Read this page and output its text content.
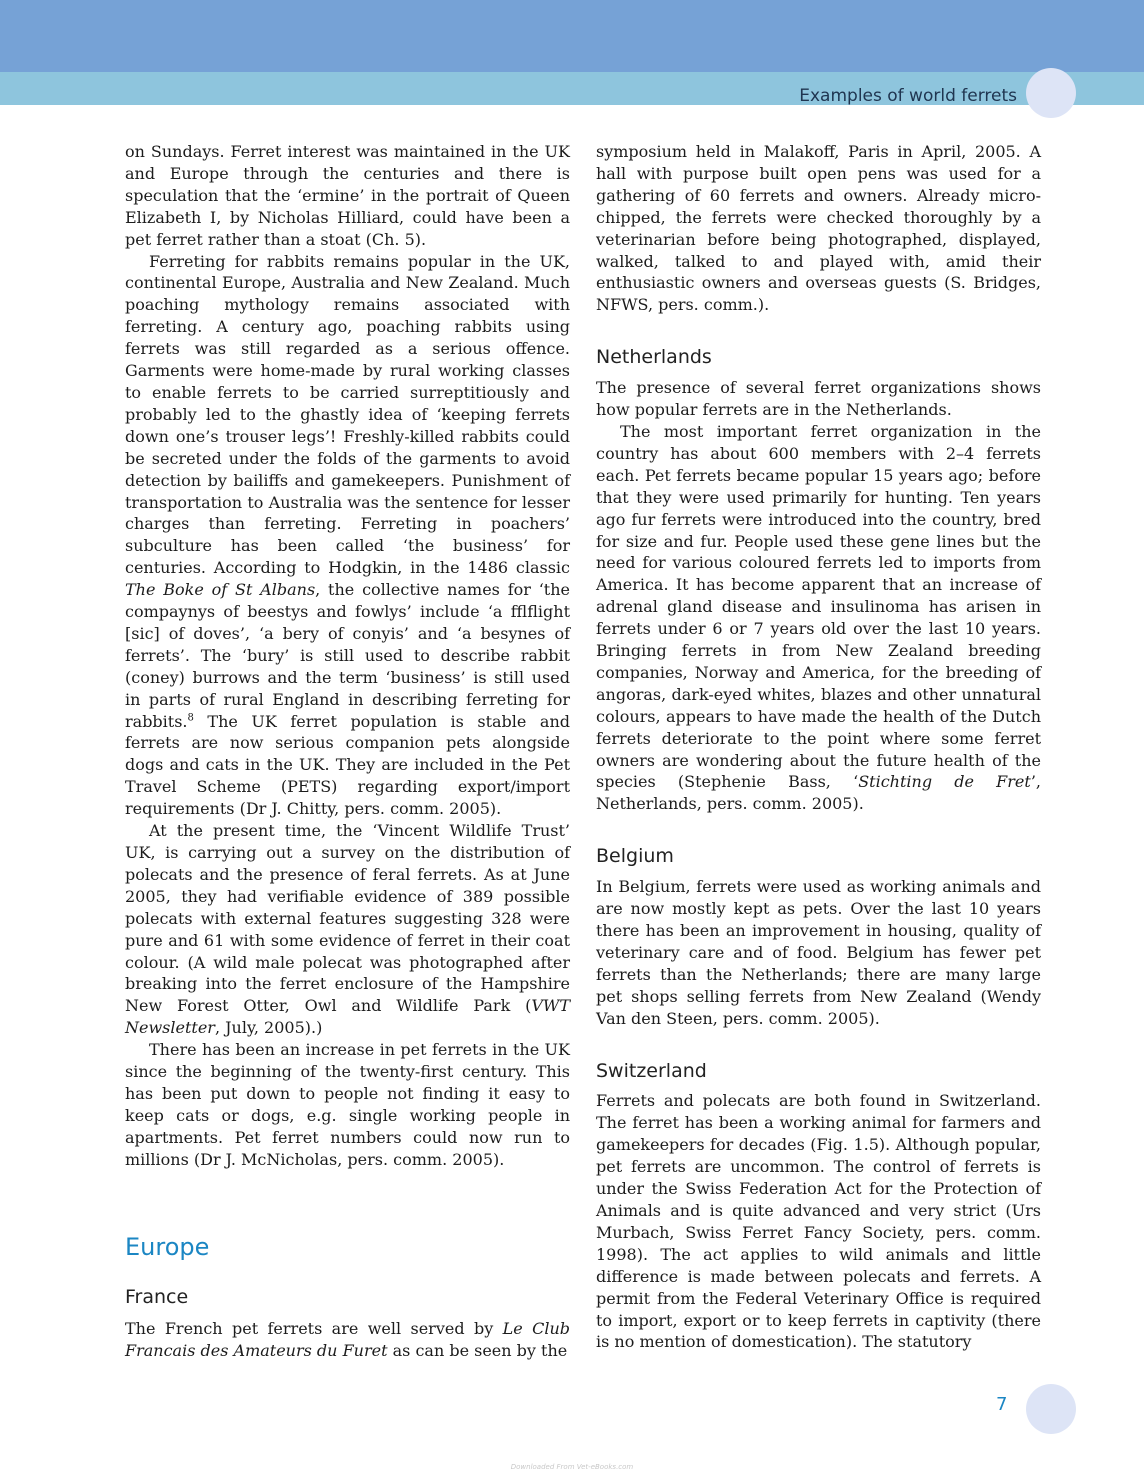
Examples of world ferrets

on Sundays. Ferret interest was maintained in the UK and Europe through the centuries and there is speculation that the ‘ermine’ in the portrait of Queen Elizabeth I, by Nicholas Hilliard, could have been a pet ferret rather than a stoat (Ch. 5).

Ferreting for rabbits remains popular in the UK, continental Europe, Australia and New Zealand. Much poaching mythology remains associated with ferreting. A century ago, poaching rabbits using ferrets was still regarded as a serious offence. Garments were home-made by rural working classes to enable ferrets to be carried surreptitiously and probably led to the ghastly idea of ‘keeping ferrets down one’s trouser legs’! Freshly-killed rabbits could be secreted under the folds of the garments to avoid detection by bailiffs and gamekeepers. Punishment of transportation to Australia was the sentence for lesser charges than ferreting. Ferreting in poachers’ subculture has been called ‘the business’ for centuries. According to Hodgkin, in the 1486 classic The Boke of St Albans, the collective names for ‘the compaynys of beestys and fowlys’ include ‘a fflflight [sic] of doves’, ‘a bery of conyis’ and ‘a besynes of ferrets’. The ‘bury’ is still used to describe rabbit (coney) burrows and the term ‘business’ is still used in parts of rural England in describing ferreting for rabbits.$^8$ The UK ferret population is stable and ferrets are now serious companion pets alongside dogs and cats in the UK. They are included in the Pet Travel Scheme (PETS) regarding export/import requirements (Dr J. Chitty, pers. comm. 2005).

At the present time, the ‘Vincent Wildlife Trust’ UK, is carrying out a survey on the distribution of polecats and the presence of feral ferrets. As at June 2005, they had verifiable evidence of 389 possible polecats with external features suggesting 328 were pure and 61 with some evidence of ferret in their coat colour. (A wild male polecat was photographed after breaking into the ferret enclosure of the Hampshire New Forest Otter, Owl and Wildlife Park (VWT Newsletter, July, 2005).)

There has been an increase in pet ferrets in the UK since the beginning of the twenty-first century. This has been put down to people not finding it easy to keep cats or dogs, e.g. single working people in apartments. Pet ferret numbers could now run to millions (Dr J. McNicholas, pers. comm. 2005).

Europe
France

The French pet ferrets are well served by Le Club Francais des Amateurs du Furet as can be seen by the

symposium held in Malakoff, Paris in April, 2005. A hall with purpose built open pens was used for a gathering of 60 ferrets and owners. Already micro-chipped, the ferrets were checked thoroughly by a veterinarian before being photographed, displayed, walked, talked to and played with, amid their enthusiastic owners and overseas guests (S. Bridges, NFWS, pers. comm.).

Netherlands

The presence of several ferret organizations shows how popular ferrets are in the Netherlands.

The most important ferret organization in the country has about 600 members with 2–4 ferrets each. Pet ferrets became popular 15 years ago; before that they were used primarily for hunting. Ten years ago fur ferrets were introduced into the country, bred for size and fur. People used these gene lines but the need for various coloured ferrets led to imports from America. It has become apparent that an increase of adrenal gland disease and insulinoma has arisen in ferrets under 6 or 7 years old over the last 10 years. Bringing ferrets in from New Zealand breeding companies, Norway and America, for the breeding of angoras, dark-eyed whites, blazes and other unnatural colours, appears to have made the health of the Dutch ferrets deteriorate to the point where some ferret owners are wondering about the future health of the species (Stephenie Bass, ‘Stichting de Fret’, Netherlands, pers. comm. 2005).

Belgium

In Belgium, ferrets were used as working animals and are now mostly kept as pets. Over the last 10 years there has been an improvement in housing, quality of veterinary care and of food. Belgium has fewer pet ferrets than the Netherlands; there are many large pet shops selling ferrets from New Zealand (Wendy Van den Steen, pers. comm. 2005).

Switzerland

Ferrets and polecats are both found in Switzerland. The ferret has been a working animal for farmers and gamekeepers for decades (Fig. 1.5). Although popular, pet ferrets are uncommon. The control of ferrets is under the Swiss Federation Act for the Protection of Animals and is quite advanced and very strict (Urs Murbach, Swiss Ferret Fancy Society, pers. comm. 1998). The act applies to wild animals and little difference is made between polecats and ferrets. A permit from the Federal Veterinary Office is required to import, export or to keep ferrets in captivity (there is no mention of domestication). The statutory

7
Downloaded From Vet-eBooks.com
